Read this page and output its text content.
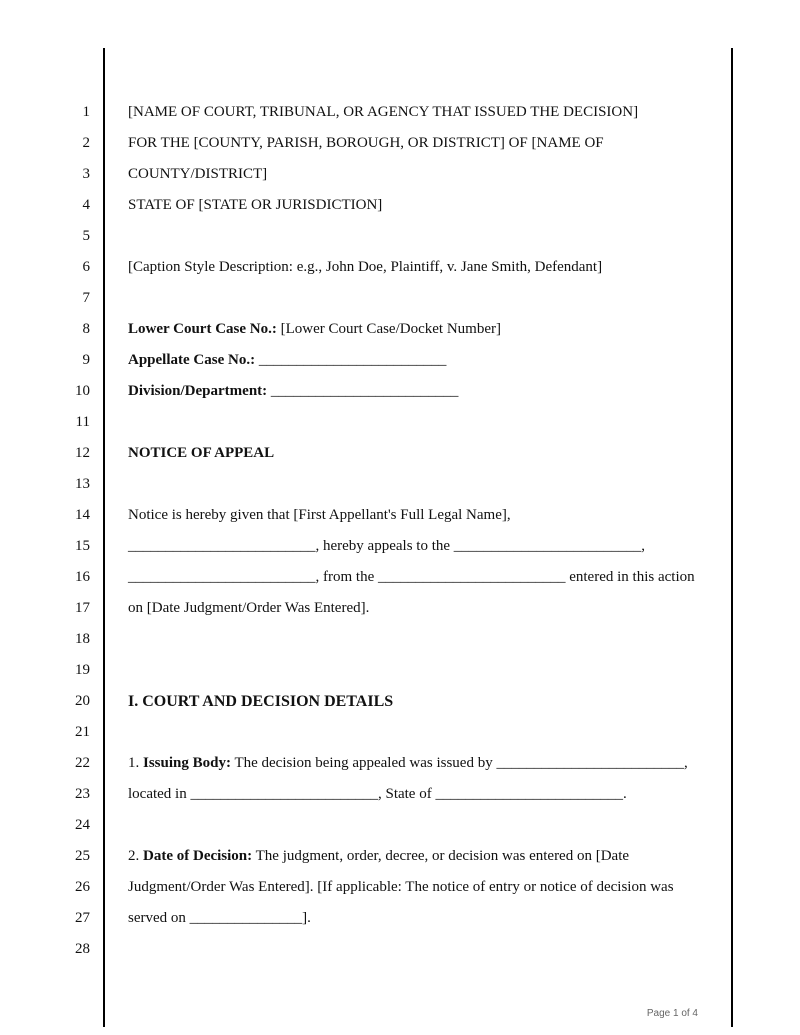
1	[NAME OF COURT, TRIBUNAL, OR AGENCY THAT ISSUED THE DECISION]
2	FOR THE [COUNTY, PARISH, BOROUGH, OR DISTRICT] OF [NAME OF
3	COUNTY/DISTRICT]
4	STATE OF [STATE OR JURISDICTION]
5
6	[Caption Style Description: e.g., John Doe, Plaintiff, v. Jane Smith, Defendant]
7
8	Lower Court Case No.: [Lower Court Case/Docket Number]
9	Appellate Case No.: _________________________
10	Division/Department: _________________________
11
12	NOTICE OF APPEAL
13
14	Notice is hereby given that [First Appellant's Full Legal Name],
15	_________________________, hereby appeals to the _________________________,
16	_________________________, from the _________________________ entered in this action
17	on [Date Judgment/Order Was Entered].
18
19
20 I. COURT AND DECISION DETAILS
21
22	1. Issuing Body: The decision being appealed was issued by _________________________,
23	located in _________________________, State of _________________________.
24
25	2. Date of Decision: The judgment, order, decree, or decision was entered on [Date
26	Judgment/Order Was Entered]. [If applicable: The notice of entry or notice of decision was
27	served on _______________].
28
Page 1 of 4
